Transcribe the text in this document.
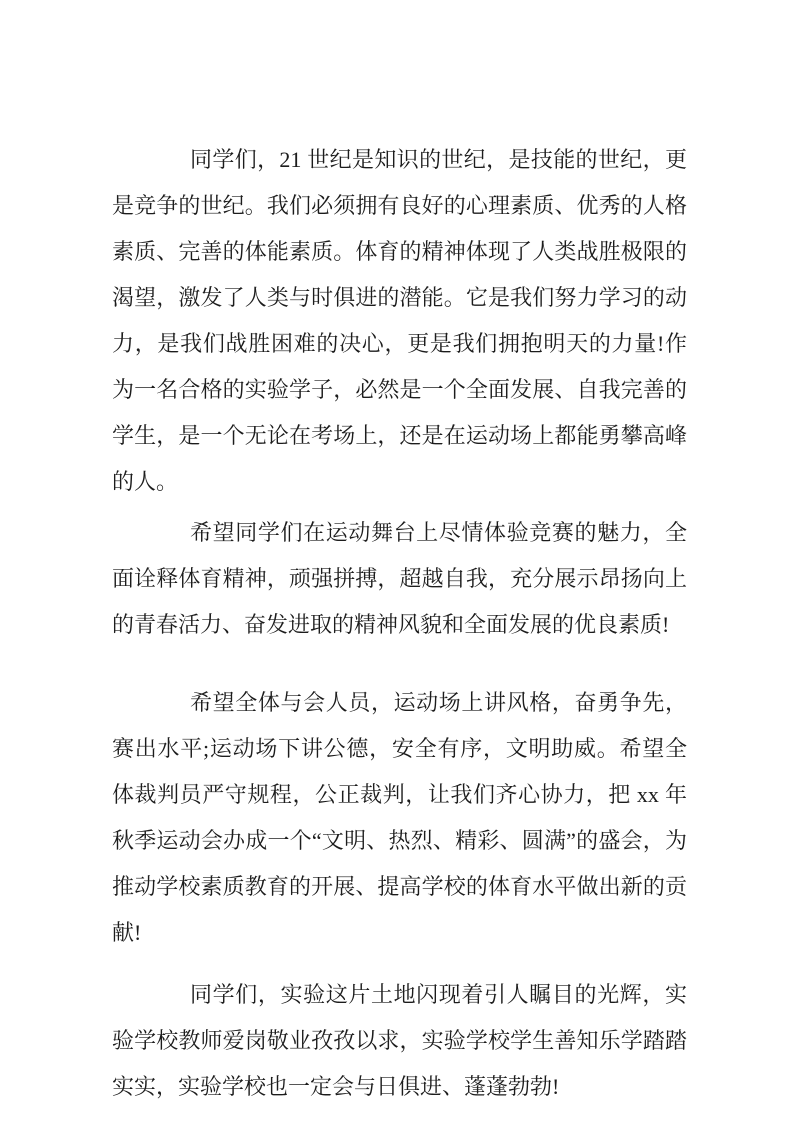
同学们，21 世纪是知识的世纪，是技能的世纪，更是竞争的世纪。我们必须拥有良好的心理素质、优秀的人格素质、完善的体能素质。体育的精神体现了人类战胜极限的渴望，激发了人类与时俱进的潜能。它是我们努力学习的动力，是我们战胜困难的决心，更是我们拥抱明天的力量!作为一名合格的实验学子，必然是一个全面发展、自我完善的学生，是一个无论在考场上，还是在运动场上都能勇攀高峰的人。

希望同学们在运动舞台上尽情体验竞赛的魅力，全面诠释体育精神，顽强拼搏，超越自我，充分展示昂扬向上的青春活力、奋发进取的精神风貌和全面发展的优良素质!

希望全体与会人员，运动场上讲风格，奋勇争先，赛出水平;运动场下讲公德，安全有序，文明助威。希望全体裁判员严守规程，公正裁判，让我们齐心协力，把 xx 年秋季运动会办成一个“文明、热烈、精彩、圆满”的盛会，为推动学校素质教育的开展、提高学校的体育水平做出新的贡献!

同学们，实验这片土地闪现着引人瞩目的光辉，实验学校教师爱岗敬业孜孜以求，实验学校学生善知乐学踏踏实实，实验学校也一定会与日俱进、蓬蓬勃勃!
